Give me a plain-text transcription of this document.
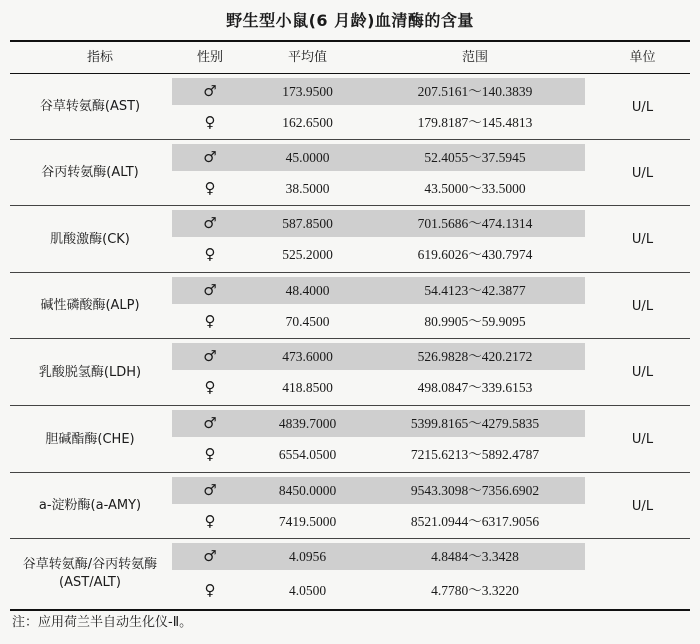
野生型小鼠(6 月龄)血清酶的含量
指标	性别	平均值	范围	单位
谷草转氨酶(AST)
♂	173.9500	207.5161～140.3839
♀	162.6500	179.8187～145.4813
U/L
谷丙转氨酶(ALT)
♂	45.0000	52.4055～37.5945
♀	38.5000	43.5000～33.5000
U/L
肌酸激酶(CK)
♂	587.8500	701.5686～474.1314
♀	525.2000	619.6026～430.7974
U/L
碱性磷酸酶(ALP)
♂	48.4000	54.4123～42.3877
♀	70.4500	80.9905～59.9095
U/L
乳酸脱氢酶(LDH)
♂	473.6000	526.9828～420.2172
♀	418.8500	498.0847～339.6153
U/L
胆碱酯酶(CHE)
♂	4839.7000	5399.8165～4279.5835
♀	6554.0500	7215.6213～5892.4787
U/L
a-淀粉酶(a-AMY)
♂	8450.0000	9543.3098～7356.6902
♀	7419.5000	8521.0944～6317.9056
U/L
谷草转氨酶/谷丙转氨酶(AST/ALT)
♂	4.0956	4.8484～3.3428
♀	4.0500	4.7780～3.3220
注：应用荷兰半自动生化仪-Ⅱ。
